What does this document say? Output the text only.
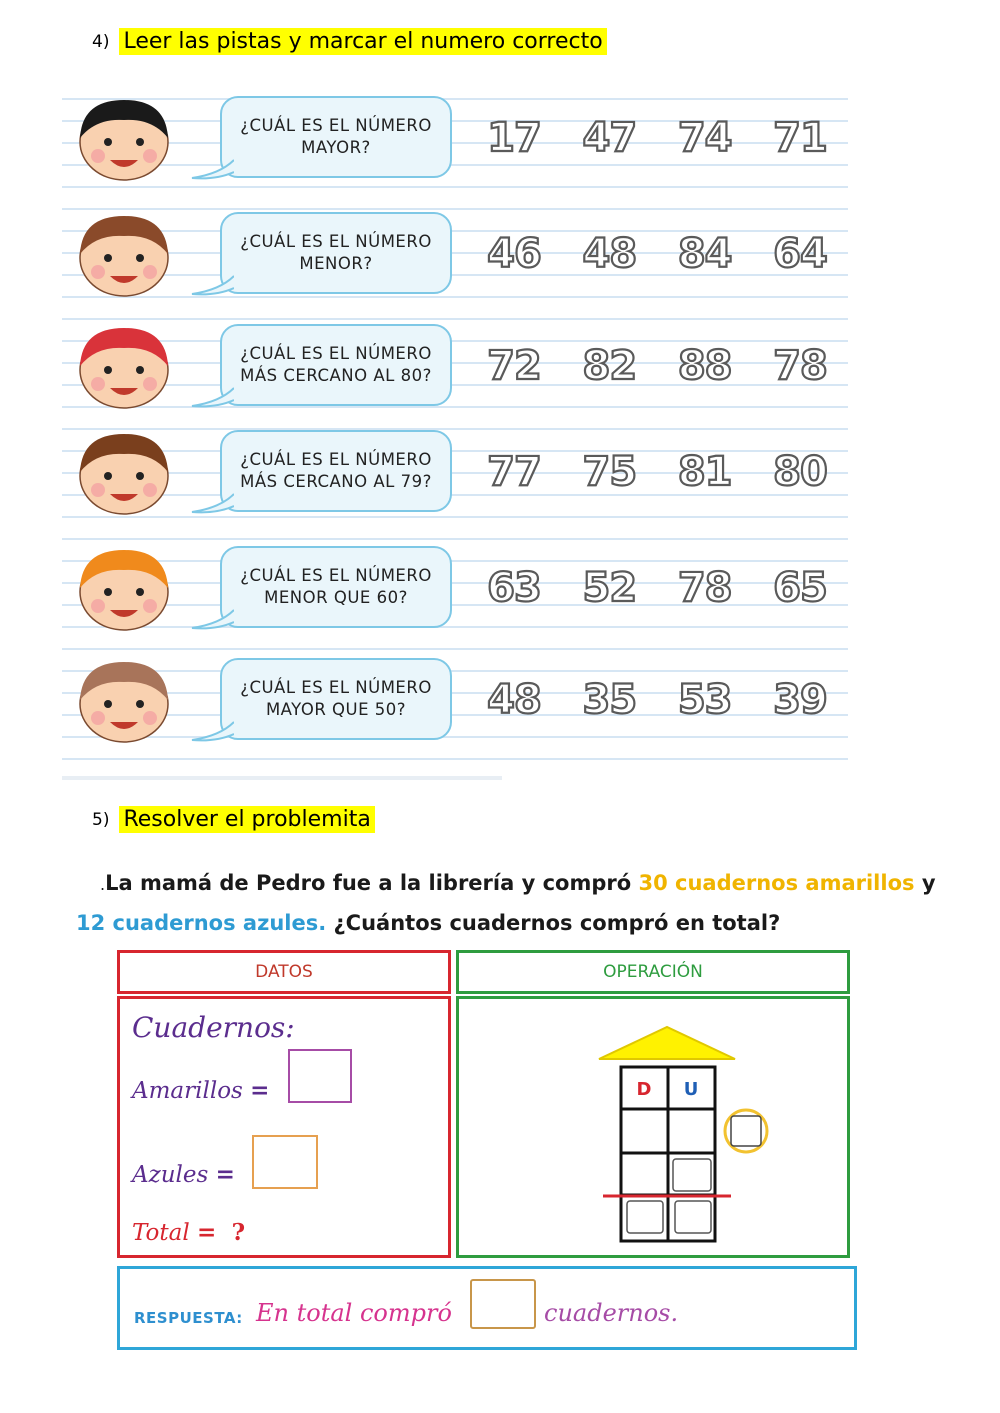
4) Leer las pistas y marcar el numero correcto
¿CUÁL ES EL NÚMERO MAYOR?	17	47	74	71
¿CUÁL ES EL NÚMERO MENOR?	46	48	84	64
¿CUÁL ES EL NÚMERO MÁS CERCANO AL 80?	72	82	88	78
¿CUÁL ES EL NÚMERO MÁS CERCANO AL 79?	77	75	81	80
¿CUÁL ES EL NÚMERO MENOR QUE 60?	63	52	78	65
¿CUÁL ES EL NÚMERO MAYOR QUE 50?	48	35	53	39
5) Resolver el problemita
.La mamá de Pedro fue a la librería y compró 30 cuadernos amarillos y 12 cuadernos azules. ¿Cuántos cuadernos compró en total?
DATOS	OPERACIÓN
Cuadernos:
Amarillos =
Azules =
Total = ?
D U
RESPUESTA: En total compró	cuadernos.
